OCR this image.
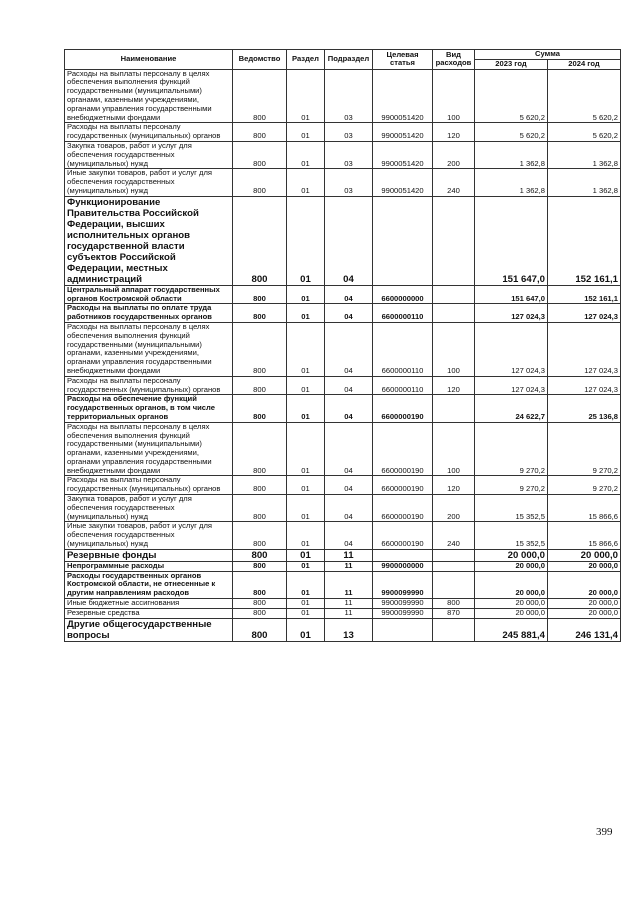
Наименование	Ведомство	Раздел	Подраздел	Целевая статья	Вид расходов	Сумма	
						2023 год	2024 год
Расходы на выплаты персоналу в целях обеспечения выполнения функций государственными (муниципальными) органами, казенными учреждениями, органами управления государственными внебюджетными фондами	800	01	03	9900051420	100	5 620,2	5 620,2
Расходы на выплаты персоналу государственных (муниципальных) органов	800	01	03	9900051420	120	5 620,2	5 620,2
Закупка товаров, работ и услуг для обеспечения государственных (муниципальных) нужд	800	01	03	9900051420	200	1 362,8	1 362,8
Иные закупки товаров, работ и услуг для обеспечения государственных (муниципальных) нужд	800	01	03	9900051420	240	1 362,8	1 362,8
Функционирование Правительства Российской Федерации, высших исполнительных органов государственной власти субъектов Российской Федерации, местных администраций	800	01	04			151 647,0	152 161,1
Центральный аппарат государственных органов Костромской области	800	01	04	6600000000		151 647,0	152 161,1
Расходы на выплаты по оплате труда работников государственных органов	800	01	04	6600000110		127 024,3	127 024,3
Расходы на выплаты персоналу в целях обеспечения выполнения функций государственными (муниципальными) органами, казенными учреждениями, органами управления государственными внебюджетными фондами	800	01	04	6600000110	100	127 024,3	127 024,3
Расходы на выплаты персоналу государственных (муниципальных) органов	800	01	04	6600000110	120	127 024,3	127 024,3
Расходы на обеспечение функций государственных органов, в том числе территориальных органов	800	01	04	6600000190		24 622,7	25 136,8
Расходы на выплаты персоналу в целях обеспечения выполнения функций государственными (муниципальными) органами, казенными учреждениями, органами управления государственными внебюджетными фондами	800	01	04	6600000190	100	9 270,2	9 270,2
Расходы на выплаты персоналу государственных (муниципальных) органов	800	01	04	6600000190	120	9 270,2	9 270,2
Закупка товаров, работ и услуг для обеспечения государственных (муниципальных) нужд	800	01	04	6600000190	200	15 352,5	15 866,6
Иные закупки товаров, работ и услуг для обеспечения государственных (муниципальных) нужд	800	01	04	6600000190	240	15 352,5	15 866,6
Резервные фонды	800	01	11			20 000,0	20 000,0
Непрограммные расходы	800	01	11	9900000000		20 000,0	20 000,0
Расходы государственных органов Костромской области, не отнесенные к другим направлениям расходов	800	01	11	9900099990		20 000,0	20 000,0
Иные бюджетные ассигнования	800	01	11	9900099990	800	20 000,0	20 000,0
Резервные средства	800	01	11	9900099990	870	20 000,0	20 000,0
Другие общегосударственные вопросы	800	01	13			245 881,4	246 131,4
399
